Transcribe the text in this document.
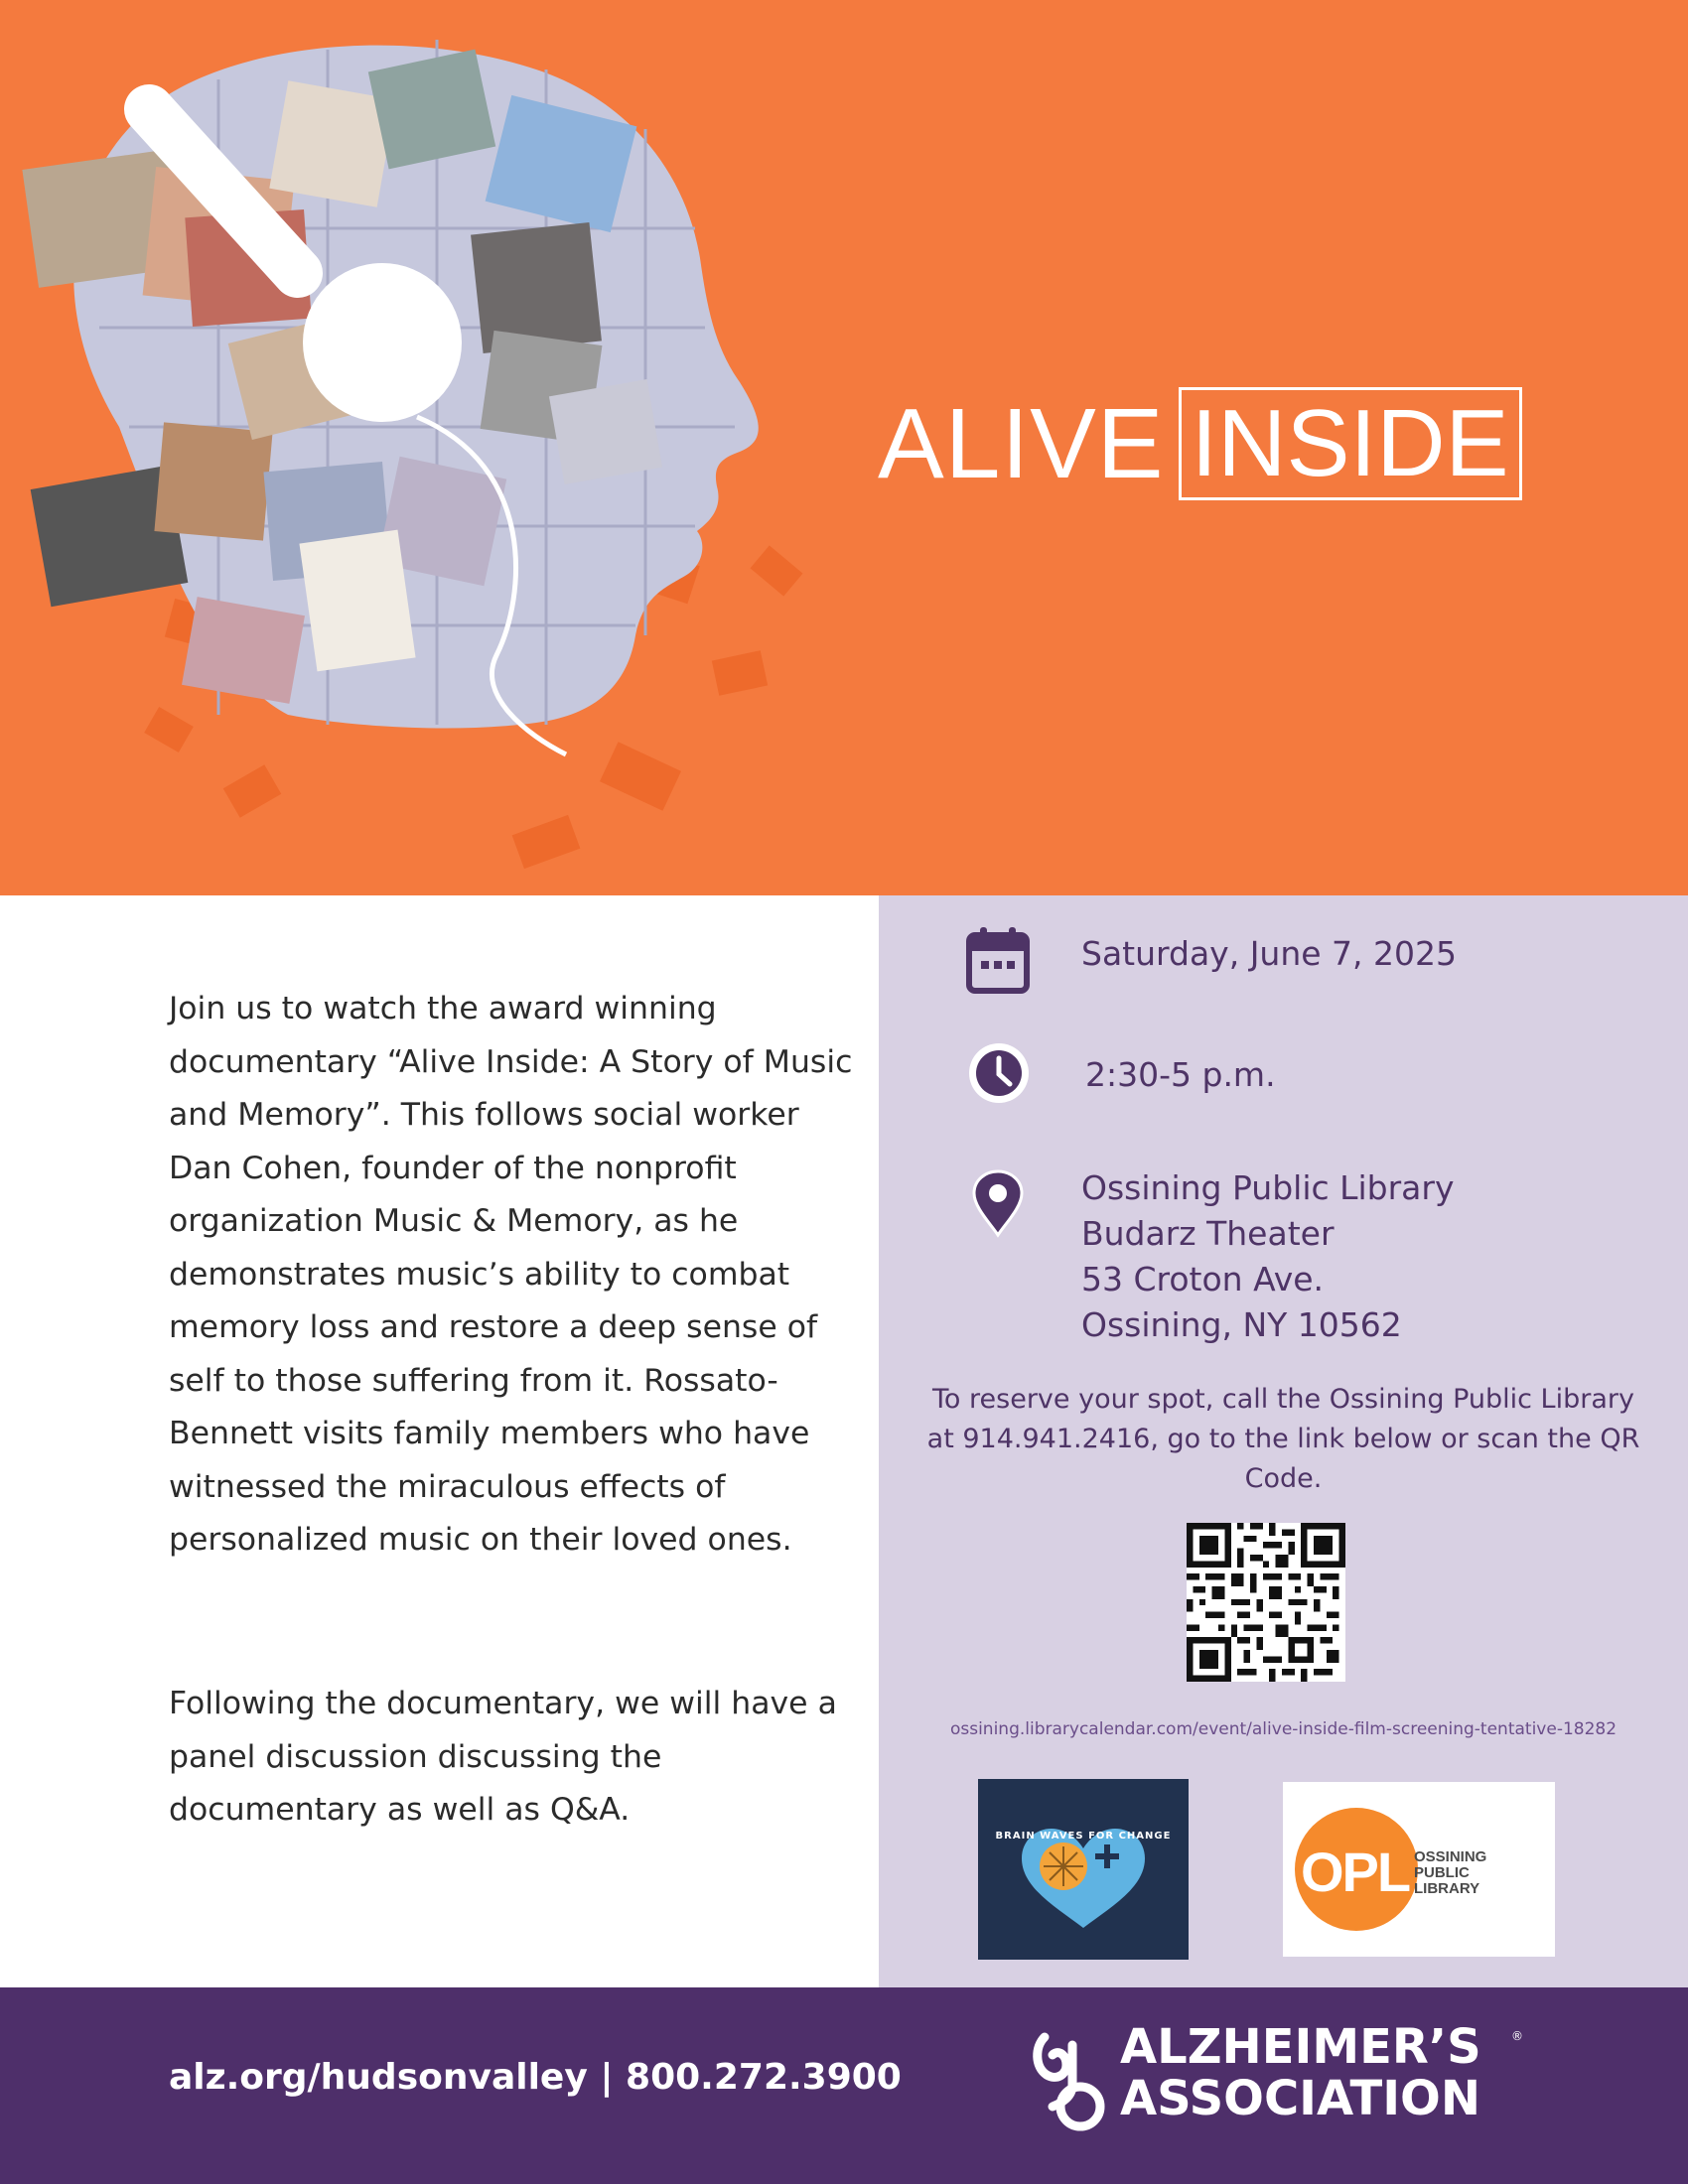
ALIVE INSIDE

Join us to watch the award winning documentary “Alive Inside: A Story of Music and Memory”. This follows social worker Dan Cohen, founder of the nonprofit organization Music & Memory, as he demonstrates music’s ability to combat memory loss and restore a deep sense of self to those suffering from it. Rossato-Bennett visits family members who have witnessed the miraculous effects of personalized music on their loved ones.

Following the documentary, we will have a panel discussion discussing the documentary as well as Q&A.

Saturday, June 7, 2025
2:30-5 p.m.
Ossining Public Library
Budarz Theater
53 Croton Ave.
Ossining, NY 10562
To reserve your spot, call the Ossining Public Library at 914.941.2416, go to the link below or scan the QR Code.
ossining.librarycalendar.com/event/alive-inside-film-screening-tentative-18282
BRAIN WAVES FOR CHANGE
OPL OSSINING
PUBLIC
LIBRARY
alz.org/hudsonvalley | 800.272.3900
ALZHEIMER’S
ASSOCIATION
®
